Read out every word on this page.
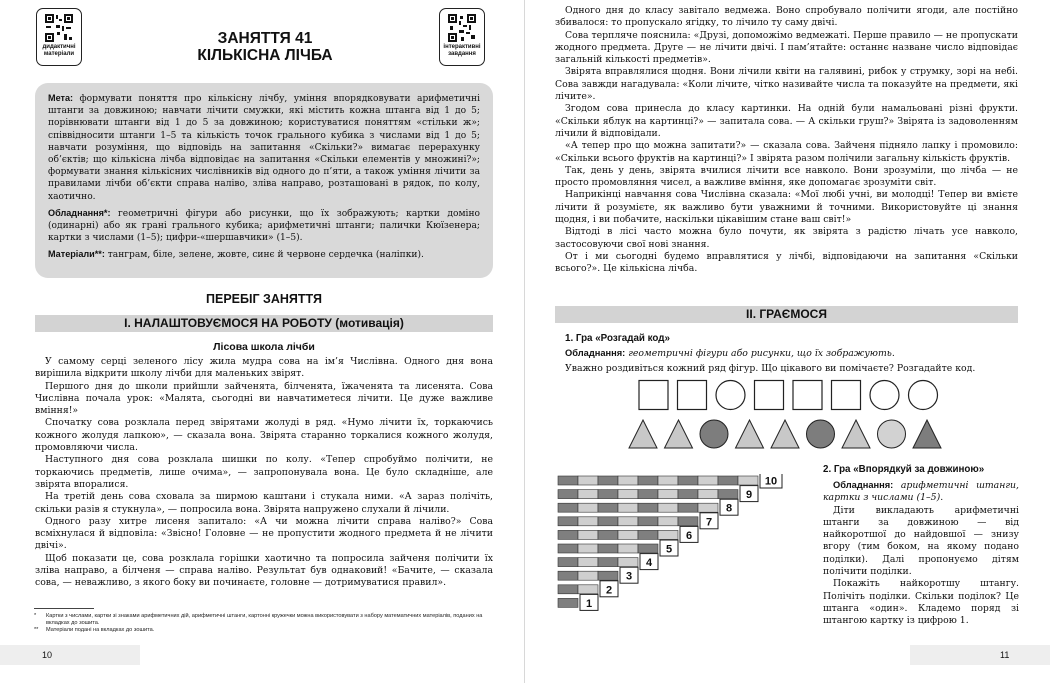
дидактичні матеріали
ЗАНЯТТЯ 41
КІЛЬКІСНА ЛІЧБА	інтерактивні завдання

Мета: формувати поняття про кількісну лічбу, уміння впорядковувати арифметичні штанги за довжиною; навчати лічити смужки, які містить кожна штанга від 1 до 5; порівнювати штанги від 1 до 5 за довжиною; користуватися поняттям «стільки ж»; співвідносити штанги 1–5 та кількість точок грального кубика з числами від 1 до 5; навчати розуміння, що відповідь на запитання «Скільки?» вимагає перерахунку об’єктів; що кількісна лічба відповідає на запитання «Скільки елементів у множині?»; формувати знання кількісних числівників від одного до п’яти, а також уміння лічити за правилами лічби об’єкти справа наліво, зліва направо, розташовані в рядок, по колу, хаотично.

Обладнання*: геометричні фігури або рисунки, що їх зображують; картки доміно (одинарні) або як грані грального кубика; арифметичні штанги; палички Кюїзенера; картки з числами (1–5); цифри-«шершавчики» (1–5).

Матеріали**: танграм, біле, зелене, жовте, синє й червоне сердечка (наліпки).

ПЕРЕБІГ ЗАНЯТТЯ
І. НАЛАШТОВУЄМОСЯ НА РОБОТУ (мотивація)
Лісова школа лічби

У самому серці зеленого лісу жила мудра сова на ім’я Числівна. Одного дня вона вирішила відкрити школу лічби для маленьких звірят.

Першого дня до школи прийшли зайченята, білченята, їжаченята та лисенята. Сова Числівна почала урок: «Малята, сьогодні ви навчатиметеся лічити. Це дуже важливе вміння!»

Спочатку сова розклала перед звірятами жолуді в ряд. «Нумо лічити їх, торкаючись кожного жолудя лапкою», — сказала вона. Звірята старанно торкалися кожного жолудя, промовляючи числа.

Наступного дня сова розклала шишки по колу. «Тепер спробуймо полічити, не торкаючись предметів, лише очима», — запропонувала вона. Це було складніше, але звірята впоралися.

На третій день сова сховала за ширмою каштани і стукала ними. «А зараз полічіть, скільки разів я стукнула», — попросила вона. Звірята напружено слухали й лічили.

Одного разу хитре лисеня запитало: «А чи можна лічити справа наліво?» Сова всміхнулася й відповіла: «Звісно! Головне — не пропустити жодного предмета й не лічити двічі».

Щоб показати це, сова розклала горішки хаотично та попросила зайченя полічити їх зліва направо, а білченя — справа наліво. Результат був однаковий! «Бачите, — сказала сова, — неважливо, з якого боку ви починаєте, головне — дотримуватися правил».

*	Картки з числами, картки зі знаками арифметичних дій, арифметичні штанги, картонні кружечки можна використовувати з набору математичних матеріалів, поданих на вкладках до зошита.
**	Матеріали подані на вкладках до зошита.
10

Одного дня до класу завітало ведмежа. Воно спробувало полічити ягоди, але постійно збивалося: то пропускало ягідку, то лічило ту саму двічі.

Сова терпляче пояснила: «Друзі, допоможімо ведмежаті. Перше правило — не пропускати жодного предмета. Друге — не лічити двічі. І пам’ятайте: останнє назване число відповідає загальній кількості предметів».

Звірята вправлялися щодня. Вони лічили квіти на галявині, рибок у струмку, зорі на небі. Сова завжди нагадувала: «Коли лічите, чітко називайте числа та показуйте на предмети, які лічите».

Згодом сова принесла до класу картинки. На одній були намальовані різні фрукти. «Скільки яблук на картинці?» — запитала сова. — А скільки груш?» Звірята із задоволенням лічили й відповідали.

«А тепер про що можна запитати?» — сказала сова. Зайченя підняло лапку і промовило: «Скільки всього фруктів на картинці?» І звірята разом полічили загальну кількість фруктів.

Так, день у день, звірята вчилися лічити все навколо. Вони зрозуміли, що лічба — не просто промовляння чисел, а важливе вміння, яке допомагає зрозуміти світ.

Наприкінці навчання сова Числівна сказала: «Мої любі учні, ви молодці! Тепер ви вмієте лічити й розумієте, як важливо бути уважними й точними. Використовуйте ці знання щодня, і ви побачите, наскільки цікавішим стане ваш світ!»

Відтоді в лісі часто можна було почути, як звірята з радістю лічать усе навколо, застосовуючи свої нові знання.

От і ми сьогодні будемо вправлятися у лічбі, відповідаючи на запитання «Скільки всього?». Це кількісна лічба.

ІІ. ГРАЄМОСЯ
1. Гра «Розгадай код»

Обладнання: геометричні фігури або рисунки, що їх зображують.

Уважно роздивіться кожний ряд фігур. Що цікавого ви помічаєте? Розгадайте код.

1
2
3
4
5
6
7
8
9
10
2. Гра «Впорядкуй за довжиною»

Обладнання: арифметичні штанги, картки з числами (1–5).

Діти викладають арифметичні штанги за довжиною — від найкоротшої до найдовшої — знизу вгору (тим боком, на якому подано поділки). Далі пропонуємо дітям полічити поділки.

Покажіть найкоротшу штангу. Полічіть поділки. Скільки поділок? Це штанга «один». Кладемо поряд зі штангою картку із цифрою 1.

11
